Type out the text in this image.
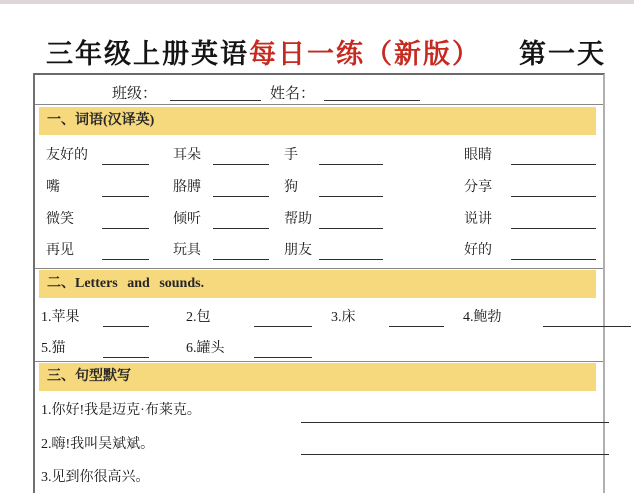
三年级上册英语每日一练（新版） 第一天
班级：	姓名：
一、词语(汉译英)
友好的	耳朵	手	眼睛
嘴	胳膊	狗	分享
微笑	倾听	帮助	说讲
再见	玩具	朋友	好的
二、Letters and sounds.
1.苹果	2.包	3.床	4.鲍勃
5.猫	6.罐头
三、句型默写
1.你好!我是迈克·布莱克。
2.嗨!我叫吴斌斌。
3.见到你很高兴。
